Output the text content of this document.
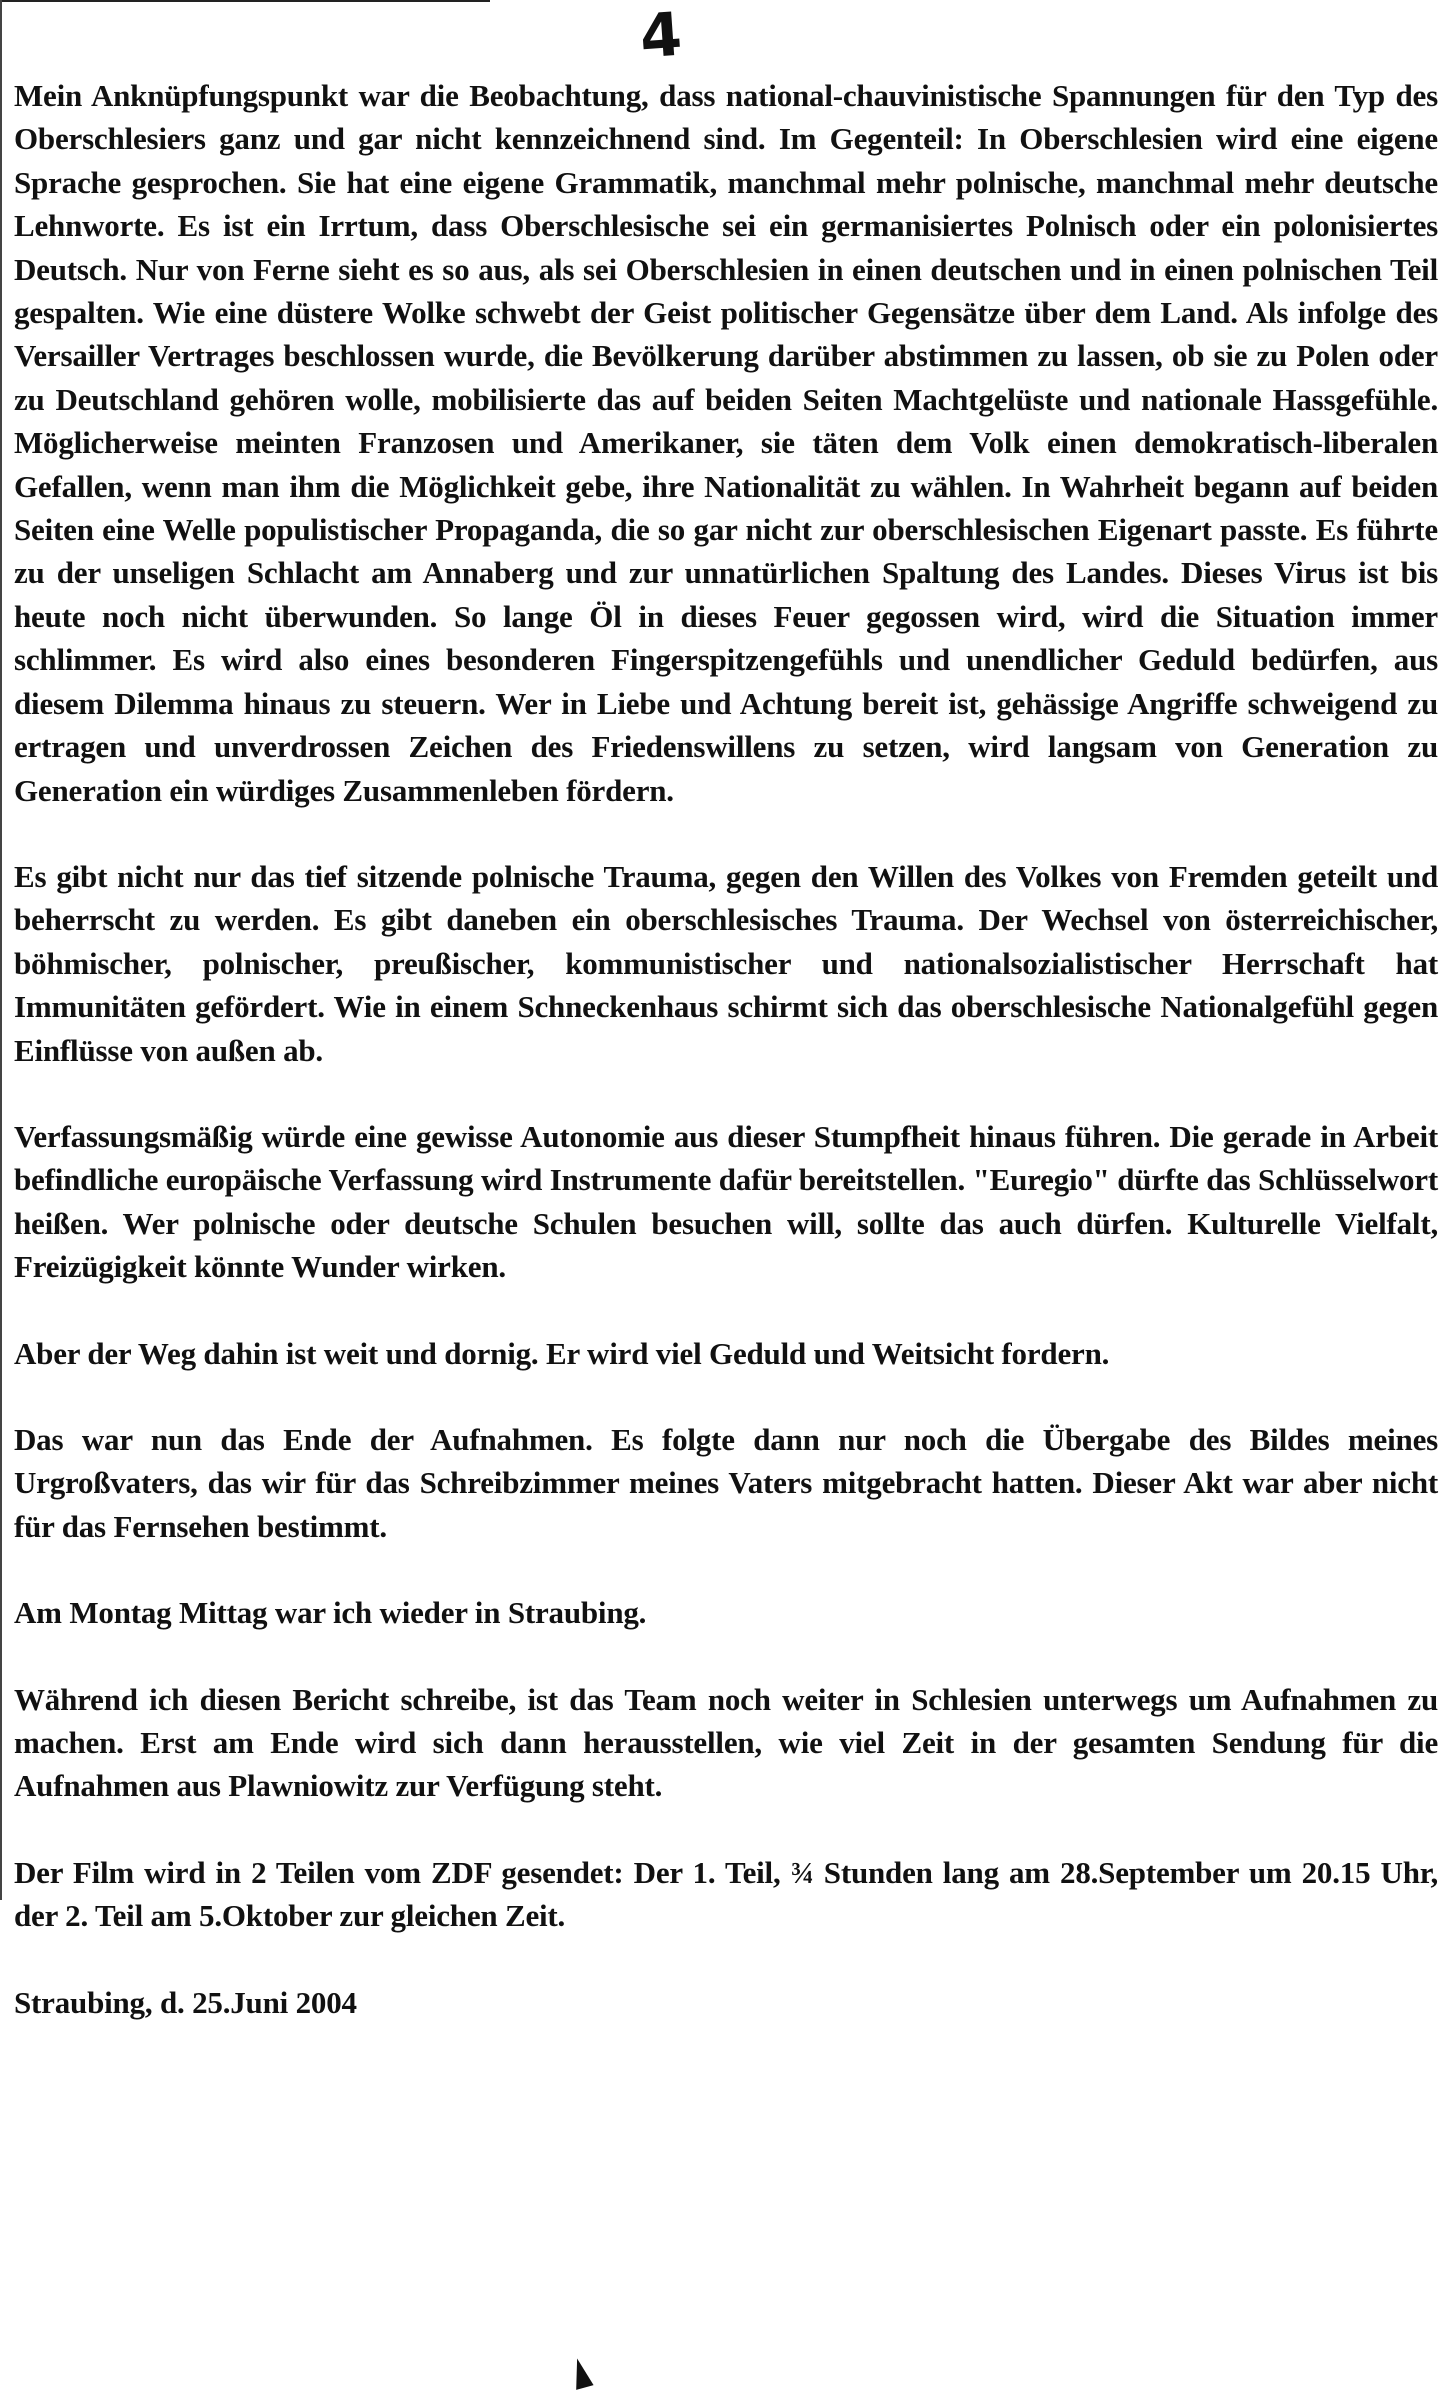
4

Mein Anknüpfungspunkt war die Beobachtung, dass national-chauvinistische Spannungen für den Typ des Oberschlesiers ganz und gar nicht kennzeichnend sind. Im Gegenteil: In Oberschlesien wird eine eigene Sprache gesprochen. Sie hat eine eigene Grammatik, manchmal mehr polnische, manchmal mehr deutsche Lehnworte. Es ist ein Irrtum, dass Oberschlesische sei ein germanisiertes Polnisch oder ein polonisiertes Deutsch. Nur von Ferne sieht es so aus, als sei Oberschlesien in einen deutschen und in einen polnischen Teil gespalten. Wie eine düstere Wolke schwebt der Geist politischer Gegensätze über dem Land. Als infolge des Versailler Vertrages beschlossen wurde, die Bevölkerung darüber abstimmen zu lassen, ob sie zu Polen oder zu Deutschland gehören wolle, mobilisierte das auf beiden Seiten Machtgelüste und nationale Hassgefühle. Möglicherweise meinten Franzosen und Amerikaner, sie täten dem Volk einen demokratisch-liberalen Gefallen, wenn man ihm die Möglichkeit gebe, ihre Nationalität zu wählen. In Wahrheit begann auf beiden Seiten eine Welle populistischer Propaganda, die so gar nicht zur oberschlesischen Eigenart passte. Es führte zu der unseligen Schlacht am Annaberg und zur unnatürlichen Spaltung des Landes. Dieses Virus ist bis heute noch nicht überwunden. So lange Öl in dieses Feuer gegossen wird, wird die Situation immer schlimmer. Es wird also eines besonderen Fingerspitzengefühls und unendlicher Geduld bedürfen, aus diesem Dilemma hinaus zu steuern. Wer in Liebe und Achtung bereit ist, gehässige Angriffe schweigend zu ertragen und unverdrossen Zeichen des Friedenswillens zu setzen, wird langsam von Generation zu Generation ein würdiges Zusammenleben fördern.

Es gibt nicht nur das tief sitzende polnische Trauma, gegen den Willen des Volkes von Fremden geteilt und beherrscht zu werden. Es gibt daneben ein oberschlesisches Trauma. Der Wechsel von österreichischer, böhmischer, polnischer, preußischer, kommunistischer und nationalsozialistischer Herrschaft hat Immunitäten gefördert. Wie in einem Schneckenhaus schirmt sich das oberschlesische Nationalgefühl gegen Einflüsse von außen ab.

Verfassungsmäßig würde eine gewisse Autonomie aus dieser Stumpfheit hinaus führen. Die gerade in Arbeit befindliche europäische Verfassung wird Instrumente dafür bereitstellen. "Euregio" dürfte das Schlüsselwort heißen. Wer polnische oder deutsche Schulen besuchen will, sollte das auch dürfen. Kulturelle Vielfalt, Freizügigkeit könnte Wunder wirken.

Aber der Weg dahin ist weit und dornig. Er wird viel Geduld und Weitsicht fordern.

Das war nun das Ende der Aufnahmen. Es folgte dann nur noch die Übergabe des Bildes meines Urgroßvaters, das wir für das Schreibzimmer meines Vaters mitgebracht hatten. Dieser Akt war aber nicht für das Fernsehen bestimmt.

Am Montag Mittag war ich wieder in Straubing.

Während ich diesen Bericht schreibe, ist das Team noch weiter in Schlesien unterwegs um Aufnahmen zu machen. Erst am Ende wird sich dann herausstellen, wie viel Zeit in der gesamten Sendung für die Aufnahmen aus Plawniowitz zur Verfügung steht.

Der Film wird in 2 Teilen vom ZDF gesendet: Der 1. Teil, ¾ Stunden lang am 28.September um 20.15 Uhr, der 2. Teil am 5.Oktober zur gleichen Zeit.

Straubing, d. 25.Juni 2004
